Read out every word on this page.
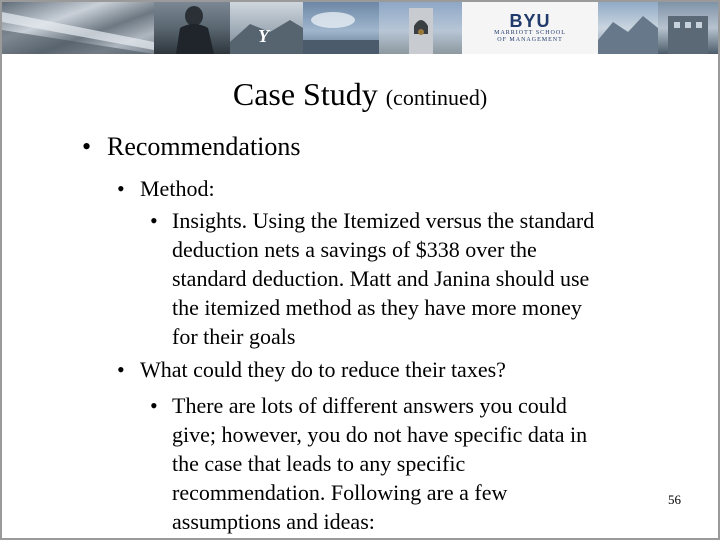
Y
BYU
MARRIOTT SCHOOL
OF MANAGEMENT
Case Study (continued)
• Recommendations
• Method:
• Insights. Using the Itemized versus the standard
deduction nets a savings of $338 over the
standard deduction. Matt and Janina should use
the itemized method as they have more money
for their goals
• What could they do to reduce their taxes?
• There are lots of different answers you could
give; however, you do not have specific data in
the case that leads to any specific
recommendation. Following are a few
assumptions and ideas:
56
